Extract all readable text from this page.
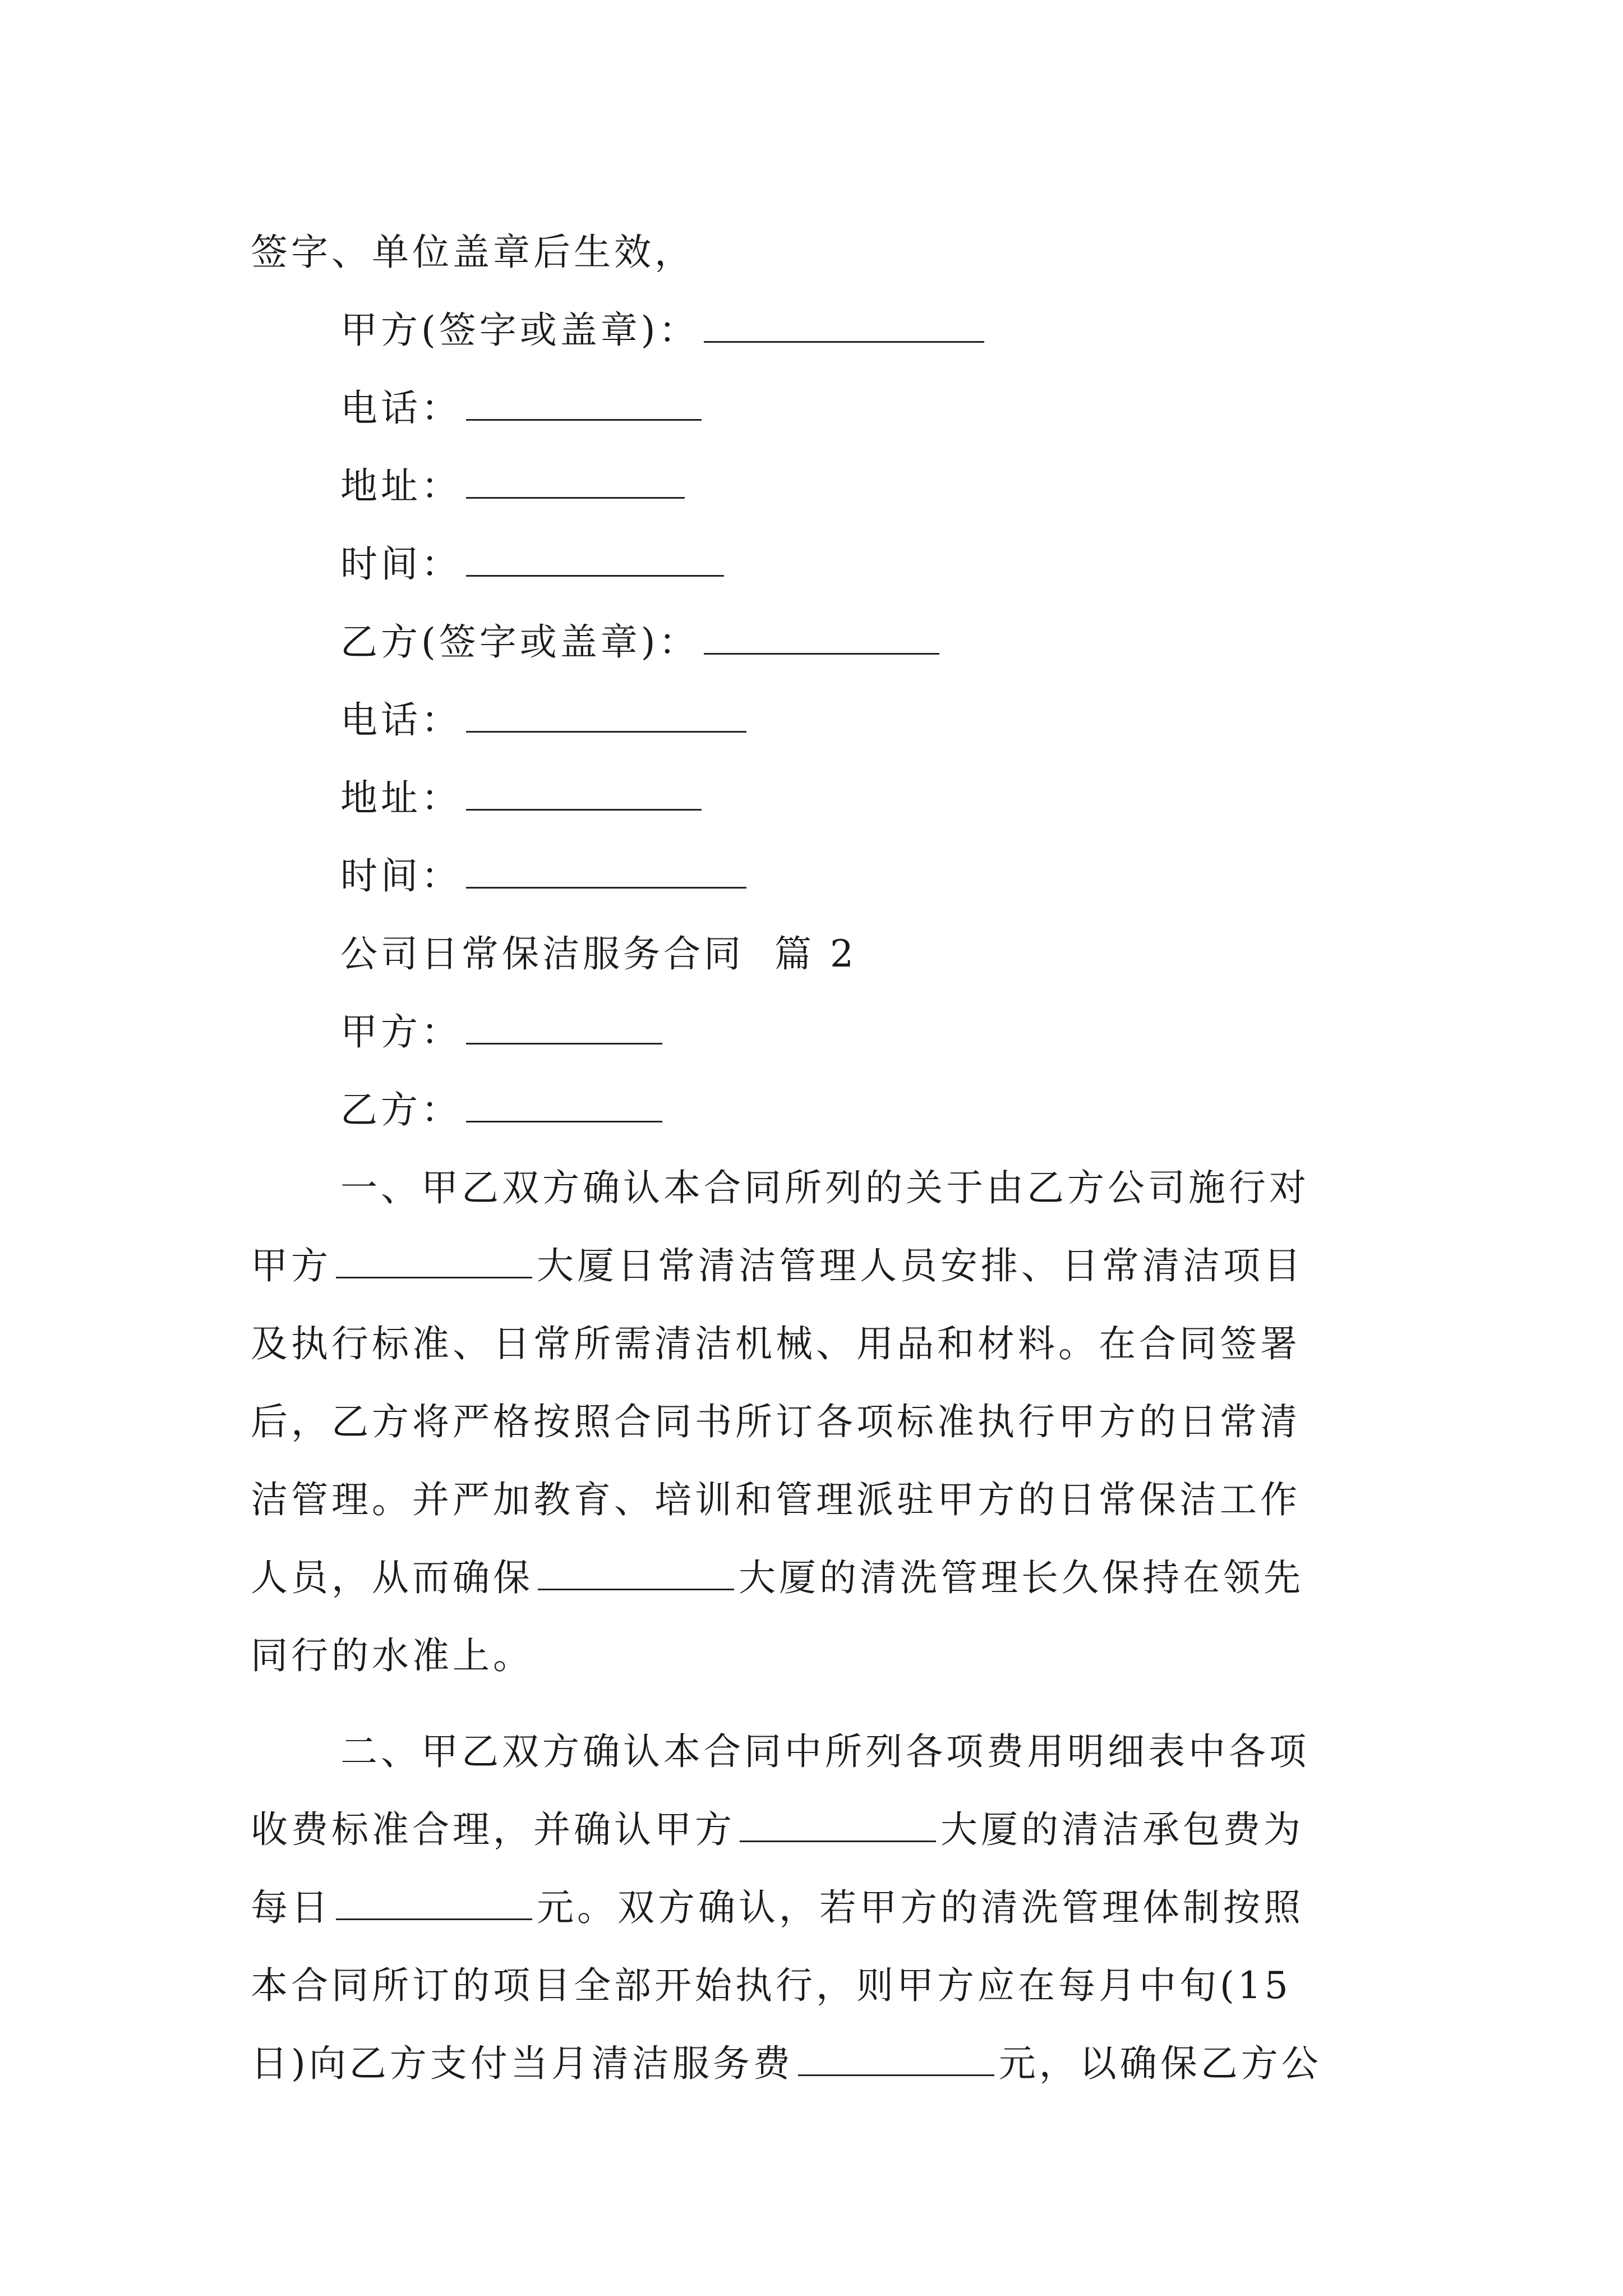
签字、单位盖章后生效，
甲方(签字或盖章)：
电话：
地址：
时间：
乙方(签字或盖章)：
电话：
地址：
时间：
公司日常保洁服务合同  篇 2
甲方：
乙方：
一、甲乙双方确认本合同所列的关于由乙方公司施行对
甲方	大厦日常清洁管理人员安排、日常清洁项目
及执行标准、日常所需清洁机械、用品和材料。在合同签署
后，乙方将严格按照合同书所订各项标准执行甲方的日常清
洁管理。并严加教育、培训和管理派驻甲方的日常保洁工作
人员，从而确保	大厦的清洗管理长久保持在领先
同行的水准上。
二、甲乙双方确认本合同中所列各项费用明细表中各项
收费标准合理，并确认甲方	大厦的清洁承包费为
每日	元。双方确认，若甲方的清洗管理体制按照
本合同所订的项目全部开始执行，则甲方应在每月中旬(15
日)向乙方支付当月清洁服务费	元，以确保乙方公
